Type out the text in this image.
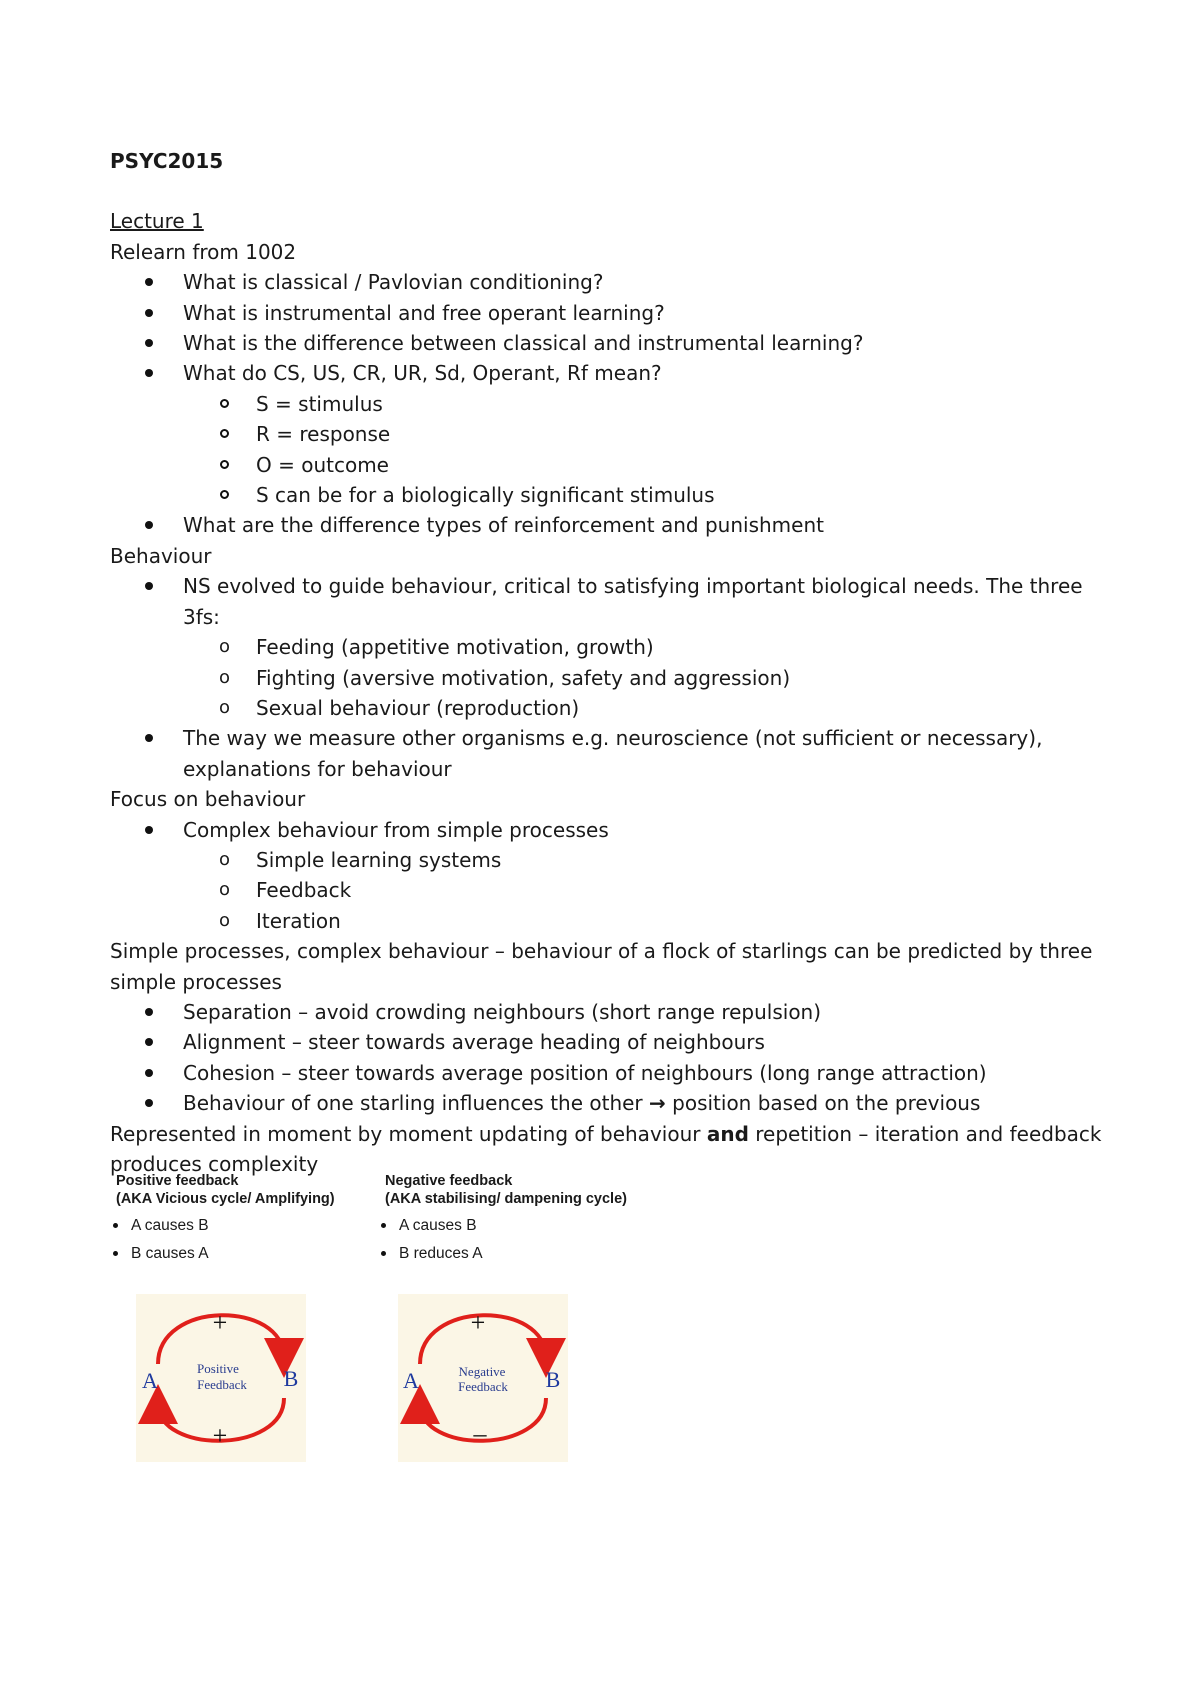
PSYC2015
Lecture 1
Relearn from 1002
What is classical / Pavlovian conditioning?
What is instrumental and free operant learning?
What is the difference between classical and instrumental learning?
What do CS, US, CR, UR, Sd, Operant, Rf mean?
S = stimulus
R = response
O = outcome
S can be for a biologically significant stimulus
What are the difference types of reinforcement and punishment
Behaviour
NS evolved to guide behaviour, critical to satisfying important biological needs. The three
3fs:
o Feeding (appetitive motivation, growth)
o Fighting (aversive motivation, safety and aggression)
o Sexual behaviour (reproduction)
The way we measure other organisms e.g. neuroscience (not sufficient or necessary),
explanations for behaviour
Focus on behaviour
Complex behaviour from simple processes
o Simple learning systems
o Feedback
o Iteration
Simple processes, complex behaviour – behaviour of a flock of starlings can be predicted by three
simple processes
Separation – avoid crowding neighbours (short range repulsion)
Alignment – steer towards average heading of neighbours
Cohesion – steer towards average position of neighbours (long range attraction)
Behaviour of one starling influences the other → position based on the previous
Represented in moment by moment updating of behaviour and repetition – iteration and feedback
produces complexity
Positive feedback
(AKA Vicious cycle/ Amplifying)
A causes B
B causes A
Negative feedback
(AKA stabilising/ dampening cycle)
A causes B
B reduces A
+
+
A	B
Positive
Feedback
+
–
A	B
Negative
Feedback
